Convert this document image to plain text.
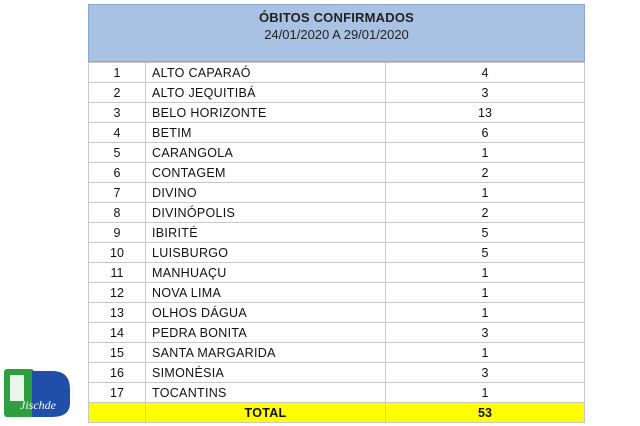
ÓBITOS CONFIRMADOS
24/01/2020 A 29/01/2020
1	ALTO CAPARAÓ	4
2	ALTO JEQUITIBÁ	3
3	BELO HORIZONTE	13
4	BETIM	6
5	CARANGOLA	1
6	CONTAGEM	2
7	DIVINO	1
8	DIVINÓPOLIS	2
9	IBIRITÉ	5
10	LUISBURGO	5
11	MANHUAÇU	1
12	NOVA LIMA	1
13	OLHOS DÁGUA	1
14	PEDRA BONITA	3
15	SANTA MARGARIDA	1
16	SIMONÉSIA	3
17	TOCANTINS	1
	TOTAL	53
Jischde
